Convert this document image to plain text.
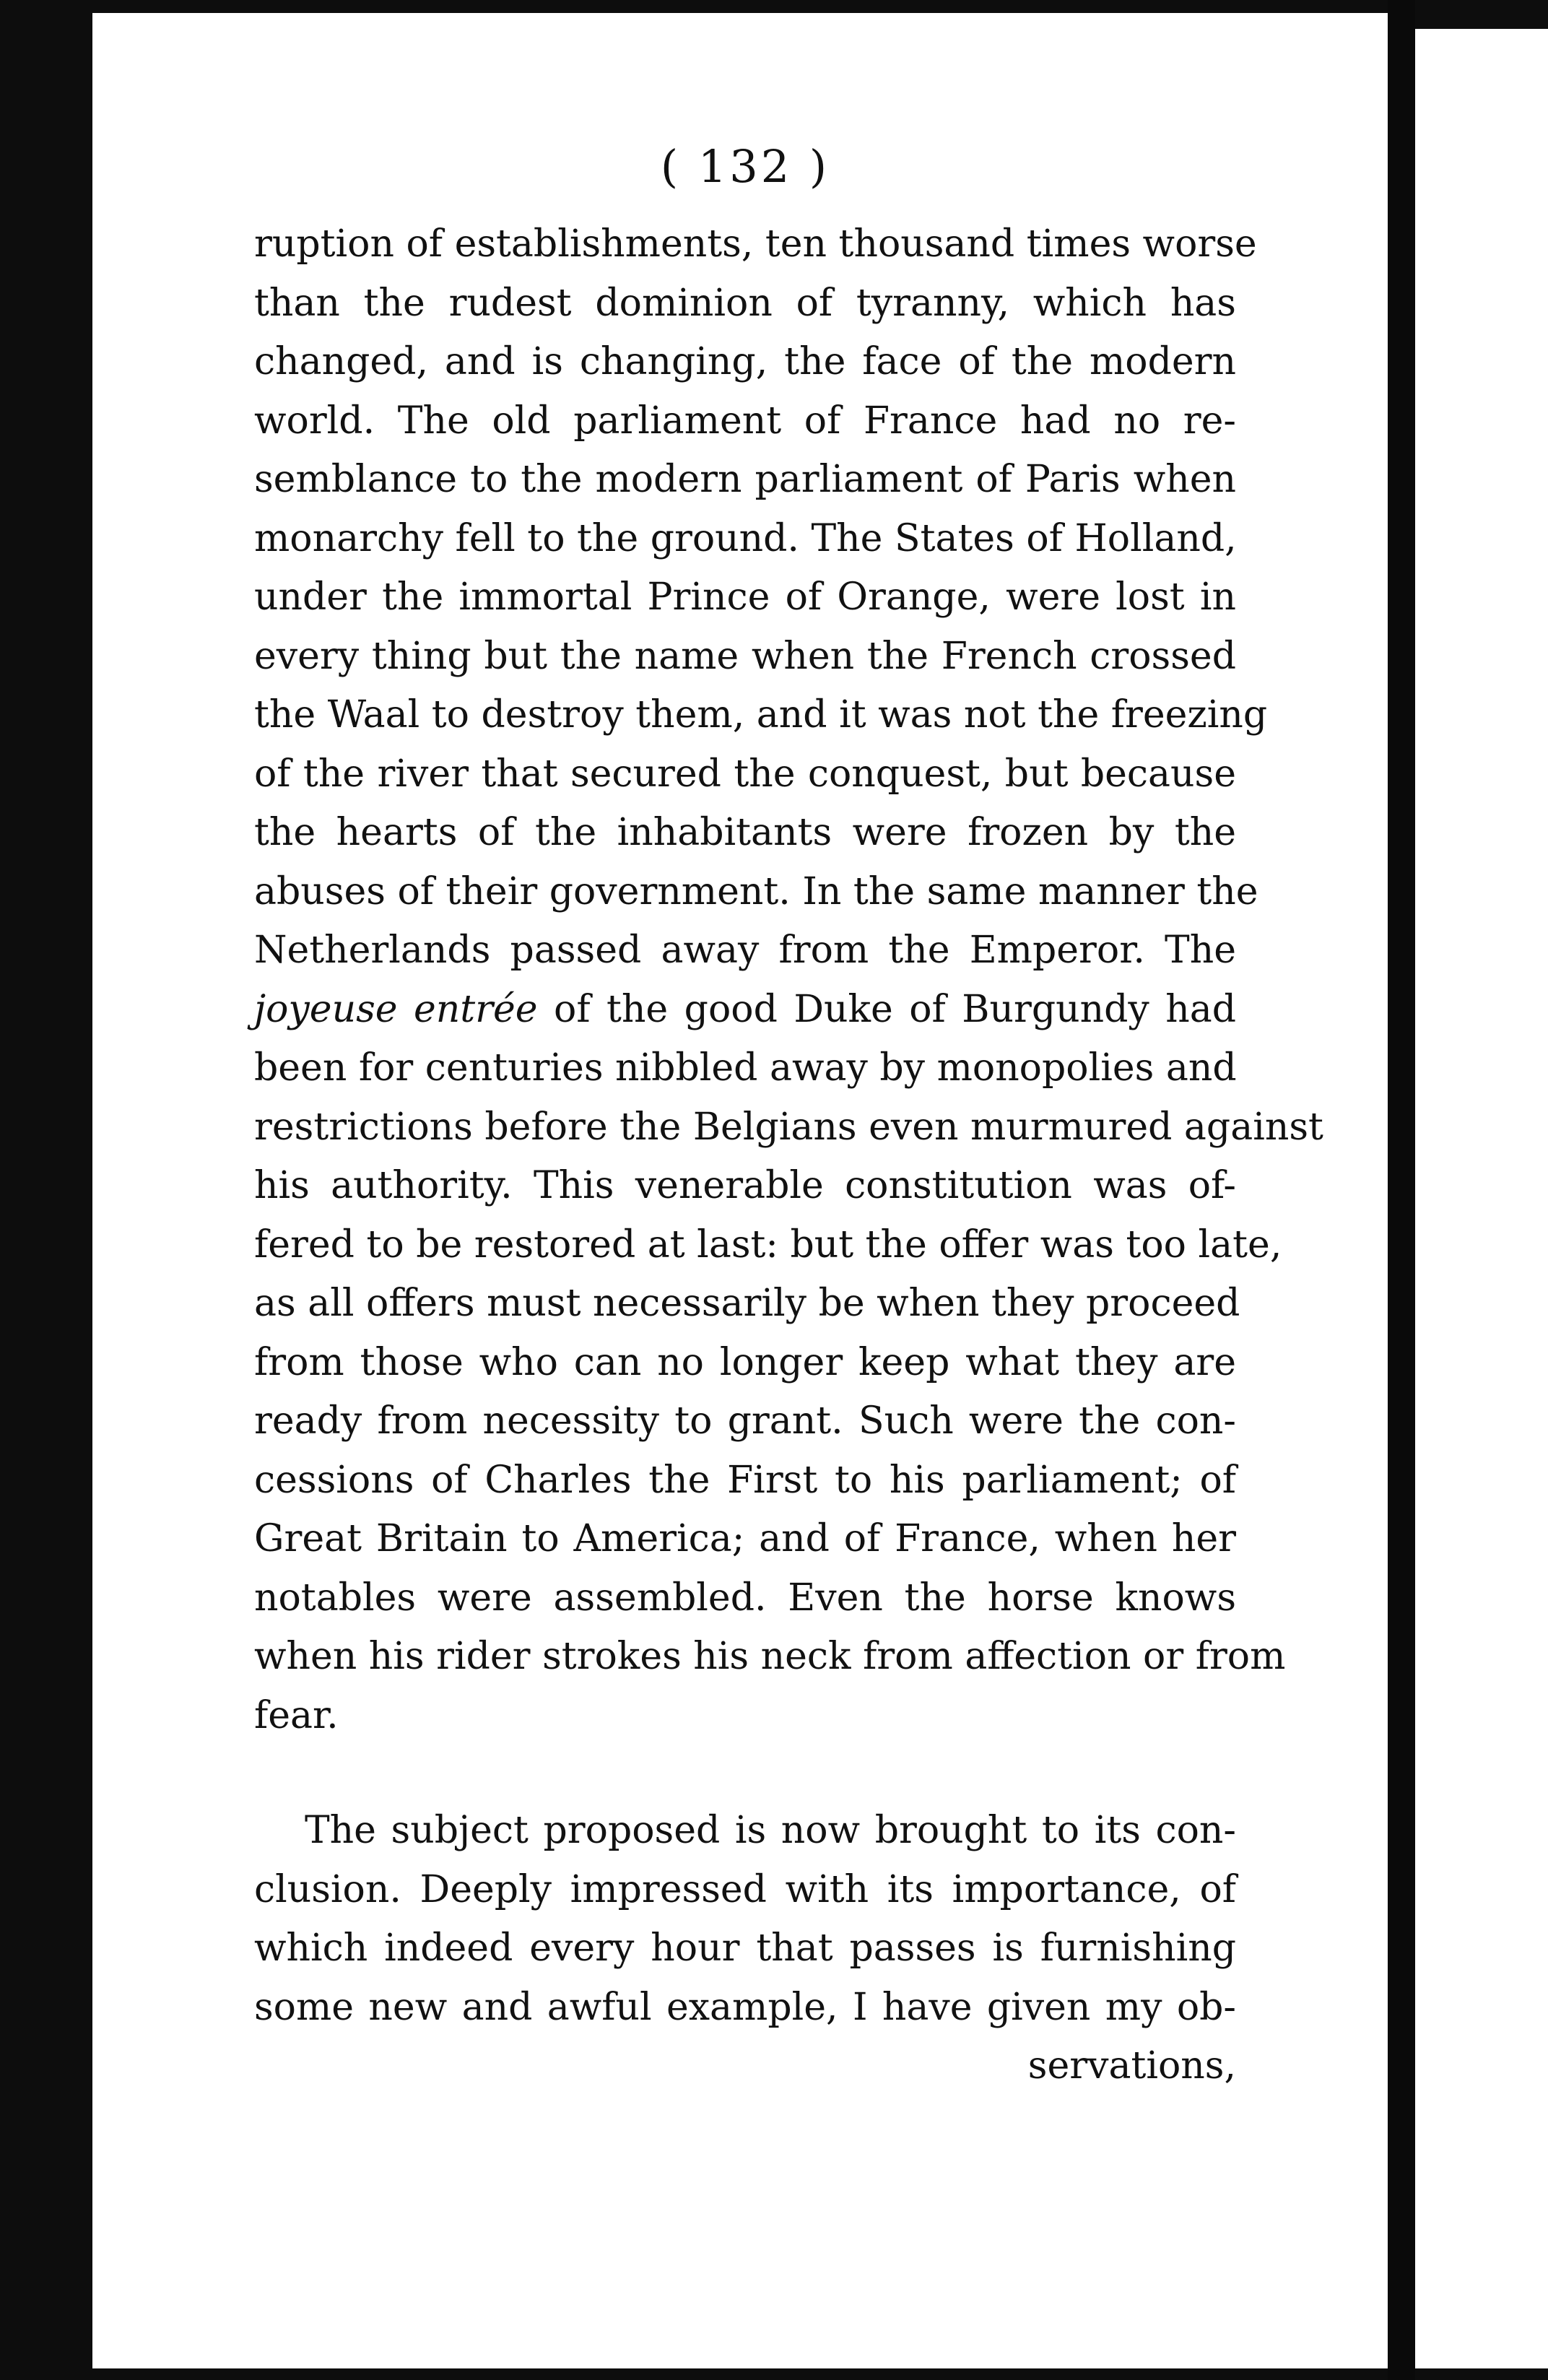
( 132 )
ruption of establishments, ten thousand times worse
than the rudest dominion of tyranny, which has
changed, and is changing, the face of the modern
world. The old parliament of France had no re-
semblance to the modern parliament of Paris when
monarchy fell to the ground. The States of Holland,
under the immortal Prince of Orange, were lost in
every thing but the name when the French crossed
the Waal to destroy them, and it was not the freezing
of the river that secured the conquest, but because
the hearts of the inhabitants were frozen by the
abuses of their government. In the same manner the
Netherlands passed away from the Emperor. The
joyeuse entrée of the good Duke of Burgundy had
been for centuries nibbled away by monopolies and
restrictions before the Belgians even murmured against
his authority. This venerable constitution was of-
fered to be restored at last: but the offer was too late,
as all offers must necessarily be when they proceed
from those who can no longer keep what they are
ready from necessity to grant. Such were the con-
cessions of Charles the First to his parliament; of
Great Britain to America; and of France, when her
notables were assembled. Even the horse knows
when his rider strokes his neck from affection or from
fear.
The subject proposed is now brought to its con-
clusion. Deeply impressed with its importance, of
which indeed every hour that passes is furnishing
some new and awful example, I have given my ob-
servations,
